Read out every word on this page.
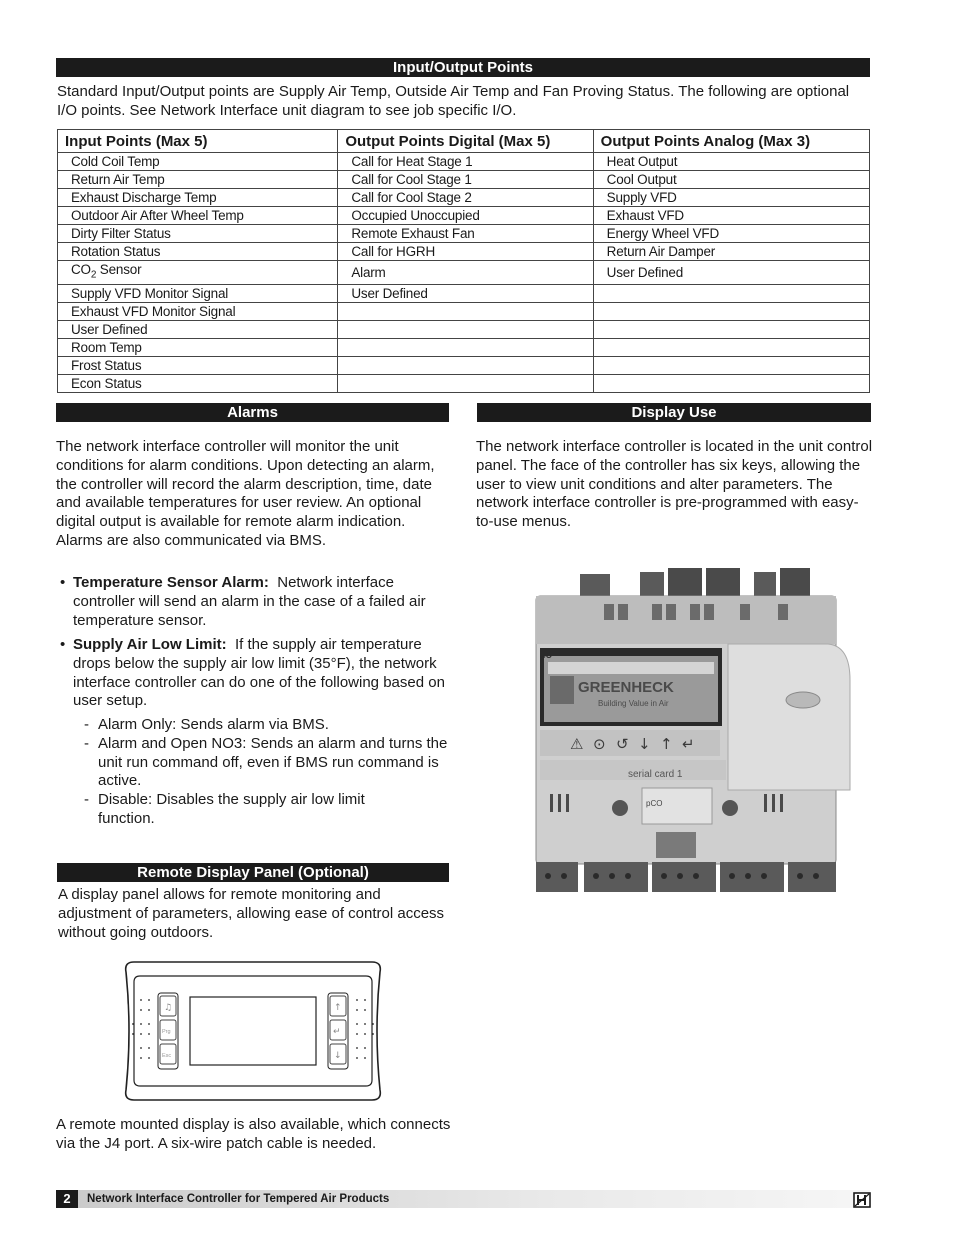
Input/Output Points

Standard Input/Output points are Supply Air Temp, Outside Air Temp and Fan Proving Status. The following are optional I/O points. See Network Interface unit diagram to see job specific I/O.

Input Points (Max 5)	Output Points Digital (Max 5)	Output Points Analog (Max 3)
Cold Coil Temp	Call for Heat Stage 1	Heat Output
Return Air Temp	Call for Cool Stage 1	Cool Output
Exhaust Discharge Temp	Call for Cool Stage 2	Supply VFD
Outdoor Air After Wheel Temp	Occupied Unoccupied	Exhaust VFD
Dirty Filter Status	Remote Exhaust Fan	Energy Wheel VFD
Rotation Status	Call for HGRH	Return Air Damper
$CO_2$ Sensor	Alarm	User Defined
Supply VFD Monitor Signal	User Defined	
Exhaust VFD Monitor Signal		
User Defined		
Room Temp		
Frost Status		
Econ Status		
Alarms

The network interface controller will monitor the unit conditions for alarm conditions. Upon detecting an alarm, the controller will record the alarm description, time, date and available temperatures for user review. An optional digital output is available for remote alarm indication. Alarms are also communicated via BMS.

• Temperature Sensor Alarm: Network interface controller will send an alarm in the case of a failed air temperature sensor.
• Supply Air Low Limit: If the supply air temperature drops below the supply air low limit (35°F), the network interface controller can do one of the following based on user setup.
- Alarm Only: Sends alarm via BMS.
- Alarm and Open NO3: Sends an alarm and turns the unit run command off, even if BMS run command is active.
- Disable: Disables the supply air low limit function.
Display Use

The network interface controller is located in the unit control panel. The face of the controller has six keys, allowing the user to view unit conditions and alter parameters. The network interface controller is pre-programmed with easy-to-use menus.

GREENHECK
Building Value in Air
CO
⚠ ⊙ ↺ ↓ ↑ ↵
serial card 1
pCO
Remote Display Panel (Optional)

A display panel allows for remote monitoring and adjustment of parameters, allowing ease of control access without going outdoors.

♫
Prg
Esc
↑
↵
↓

A remote mounted display is also available, which connects via the J4 port. A six-wire patch cable is needed.

2	Network Interface Controller for Tempered Air Products
